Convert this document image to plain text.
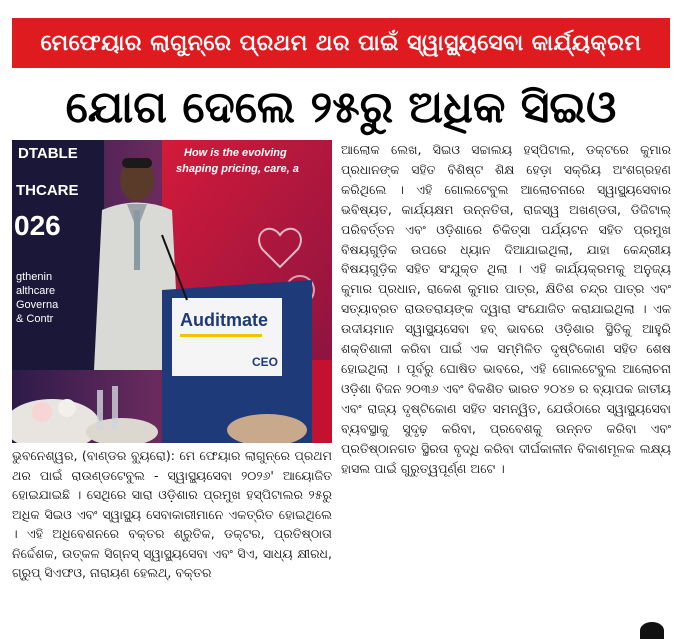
ମେଫେୟାର ଲାଗୁନ୍‌ରେ ପ୍ରଥମ ଥର ପାଇଁ ସ୍ୱାସ୍ଥ୍ୟସେବା କାର୍ଯ୍ୟକ୍ରମ
ଯୋଗ ଦେଲେ ୨୫ରୁ ଅଧିକ ସିଇଓ
DTABLE
THCARE
026
gthenin
althcare
Governa
& Contr
How is the evolving
shaping pricing, care, a
Auditmate
CEO

ଭୁବନେଶ୍ୱର, (ବାଣ୍ଡର ବ୍ୟୁରୋ): ମେ ଫେୟାର ଲାଗୁନ୍‌ରେ ପ୍ରଥମ ଥର ପାଇଁ ରାଉଣ୍ଡଟେବୁଲ - ସ୍ୱାସ୍ଥ୍ୟସେବା ୨୦୨୬' ଆୟୋଜିତ ହୋଇଯାଇଛି । ସେଥିରେ ସାରା ଓଡ଼ିଶାର ପ୍ରମୁଖ ହସ୍ପିଟାଲର ୨୫ରୁ ଅଧିକ ସିଇଓ ଏବଂ ସ୍ୱାସ୍ଥ୍ୟ ସେବାକାରୀମାନେ ଏକତ୍ରିତ ହୋଇଥିଲେ । ଏହି ଅଧିବେଶନରେ ବକ୍ତର ଶ୍ରୁତିକ, ଡକ୍ଟର, ପ୍ରତିଷ୍ଠାତା ନିର୍ଦ୍ଦେଶକ, ଉତ୍କଳ ସିଗ୍ନସ୍ ସ୍ୱାସ୍ଥ୍ୟସେବା ଏବଂ ସିଏ, ସାଧ୍ୟ କ୍ଷୀରଧ, ଗ୍ରୁପ୍ ସିଏଫଓ, ନାରାୟଣ ହେଲଥ୍, ବକ୍ତର

ଆଲୋକ ଲେଖ, ସିଇଓ ସଚ୍ଚାଲୟ ହସ୍ପିଟାଲ, ଡକ୍ଟରେ କୁମାର ପ୍ରଧାନଙ୍କ ସହିତ ବିଶିଷ୍ଟ ଶିକ୍ଷ ହେଡ଼ା ସକ୍ରିୟ ଅଂଶଗ୍ରହଣ କରିଥିଲେ । ଏହି ଗୋଲଟେବୁଲ ଆଲୋଚନାରେ ସ୍ୱାସ୍ଥ୍ୟସେବାର ଭବିଷ୍ୟତ, କାର୍ଯ୍ୟକ୍ଷମ ଉନ୍ନତିତା, ରାଜସ୍ୱ ଅଖଣ୍ଡତା, ଡିଜିଟାଲ୍ ପରିବର୍ତ୍ତନ ଏବଂ ଓଡ଼ିଶାରେ ଚିକିତ୍ସା ପର୍ଯ୍ୟଟନ ସହିତ ପ୍ରମୁଖ ବିଷୟଗୁଡ଼ିକ ଉପରେ ଧ୍ୟାନ ଦିଆଯାଇଥିଲା, ଯାହା କେନ୍ଦ୍ରୀୟ ବିଷୟଗୁଡ଼ିକ ସହିତ ସଂଯୁକ୍ତ ଥିଲା । ଏହି କାର୍ଯ୍ୟକ୍ରମକୁ ଅନୁଜ୍ୟ କୁମାର ପ୍ରଧାନ, ରାକେଶ କୁମାର ପାତ୍ର, କ୍ଷିତିଶ ଚନ୍ଦ୍ର ପାତ୍ର ଏବଂ ସତ୍ୟାବ୍ରତ ରାଉତରାୟଙ୍କ ଦ୍ୱାରା ସଂଯୋଜିତ କରାଯାଇଥିଲା । ଏକ ଉଦୀୟମାନ ସ୍ୱାସ୍ଥ୍ୟସେବା ହବ୍ ଭାବରେ ଓଡ଼ିଶାର ସ୍ଥିତିକୁ ଆହୁରି ଶକ୍ତିଶାଳୀ କରିବା ପାଇଁ ଏକ ସମ୍ମିଳିତ ଦୃଷ୍ଟିକୋଣ ସହିତ ଶେଷ ହୋଇଥିଲା । ପୂର୍ବରୁ ଘୋଷିତ ଭାବରେ, ଏହି ଗୋଲଟେବୁଲ ଆଲୋଚନା ଓଡ଼ିଶା ବିଜନ ୨୦୩୬ ଏବଂ ବିକଶିତ ଭାରତ ୨୦୪୭ ର ବ୍ୟାପକ ଜାତୀୟ ଏବଂ ରାଜ୍ୟ ଦୃଷ୍ଟିକୋଣ ସହିତ ସମନ୍ୱିତ, ଯେଉଁଠାରେ ସ୍ୱାସ୍ଥ୍ୟସେବା ବ୍ୟବସ୍ଥାକୁ ସୁଦୃଢ଼ କରିବା, ପ୍ରବେଶକୁ ଉନ୍ନତ କରିବା ଏବଂ ପ୍ରତିଷ୍ଠାନଗତ ସ୍ଥିରତା ବୃଦ୍ଧି କରିବା ଦୀର୍ଘକାଳୀନ ବିକାଶମୂଳକ ଲକ୍ଷ୍ୟ ହାସଲ ପାଇଁ ଗୁରୁତ୍ୱପୂର୍ଣ୍ଣ ଅଟେ ।
